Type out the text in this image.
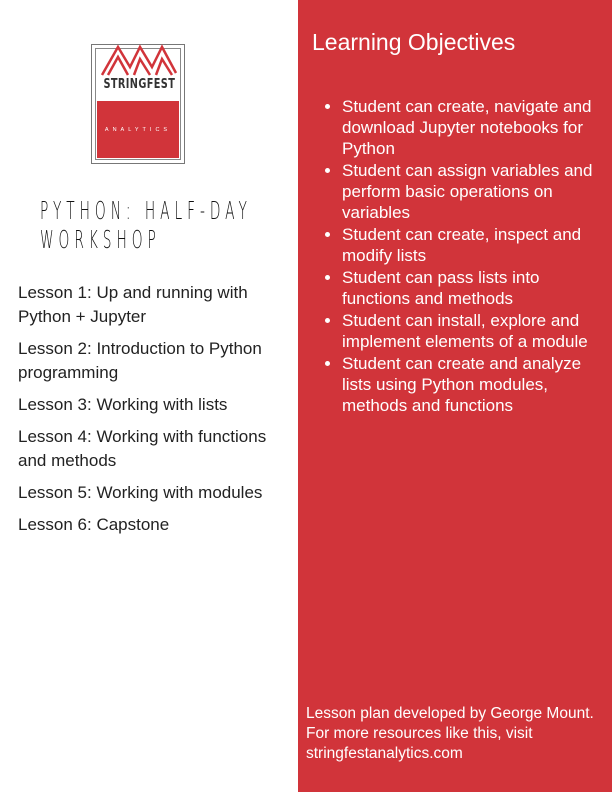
STRINGFEST
ANALYTICS
PYTHON: HALF-DAY WORKSHOP
Lesson 1: Up and running with Python + Jupyter
Lesson 2: Introduction to Python programming
Lesson 3: Working with lists
Lesson 4: Working with functions and methods
Lesson 5: Working with modules
Lesson 6: Capstone
Learning Objectives
• Student can create, navigate and download Jupyter notebooks for Python
• Student can assign variables and perform basic operations on variables
• Student can create, inspect and modify lists
• Student can pass lists into functions and methods
• Student can install, explore and implement elements of a module
• Student can create and analyze lists using Python modules, methods and functions
Lesson plan developed by George Mount. For more resources like this, visit stringfestanalytics.com
